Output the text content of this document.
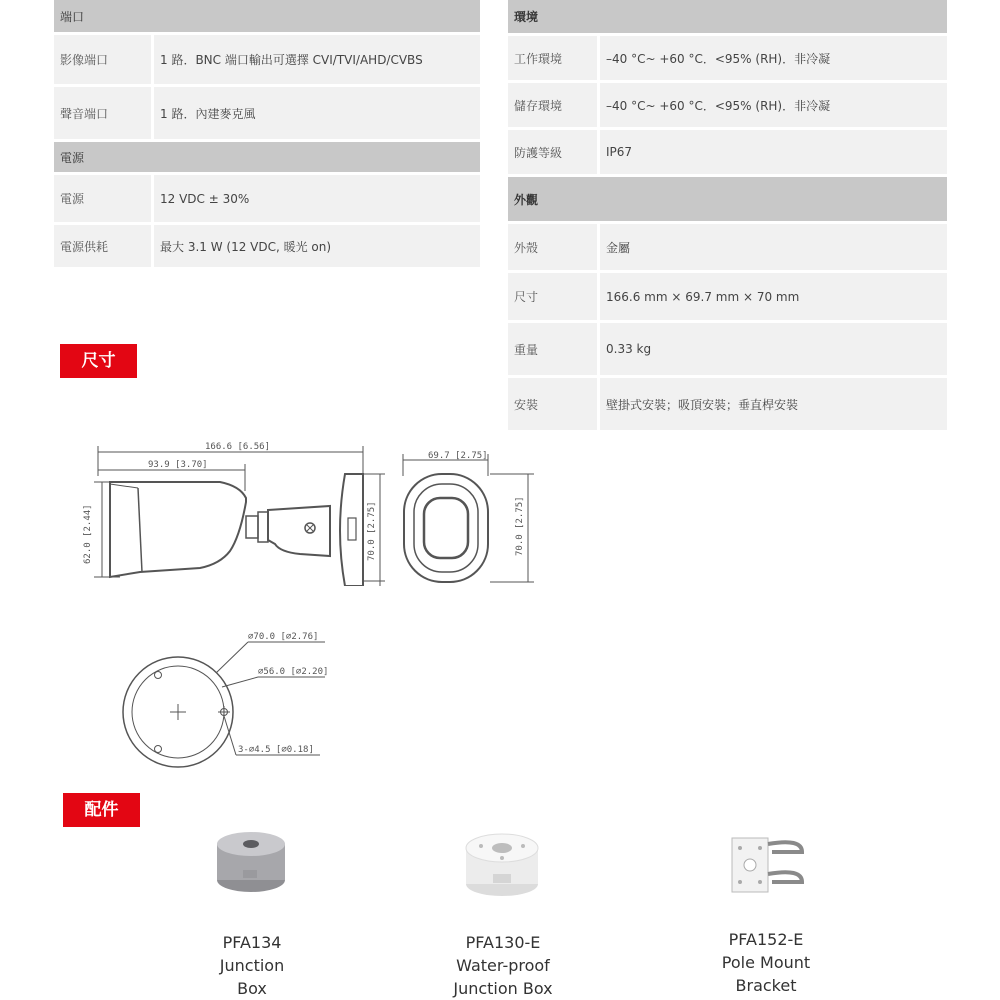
端口	
影像端口	1 路．BNC 端口輸出可選擇 CVI/TVI/AHD/CVBS
聲音端口	1 路．內建麥克風
電源	
電源	12 VDC ± 30%
電源供耗	最大 3.1 W (12 VDC, 暖光 on)
環境	
工作環境	–40 °C~ +60 °C．<95% (RH)．非冷凝
儲存環境	–40 °C~ +60 °C．<95% (RH)．非冷凝
防護等級	IP67
外觀	
外殼	金屬
尺寸	166.6 mm × 69.7 mm × 70 mm
重量	0.33 kg
安裝	壁掛式安裝；吸頂安裝；垂直桿安裝
尺寸
166.6 [6.56]
93.9 [3.70]
62.0 [2.44]	70.0 [2.75]
69.7 [2.75]
70.0 [2.75]
⌀70.0 [⌀2.76]
⌀56.0 [⌀2.20]
3-⌀4.5 [⌀0.18]
配件
PFA134
Junction
Box
PFA130-E
Water-proof
Junction Box
PFA152-E
Pole Mount
Bracket
